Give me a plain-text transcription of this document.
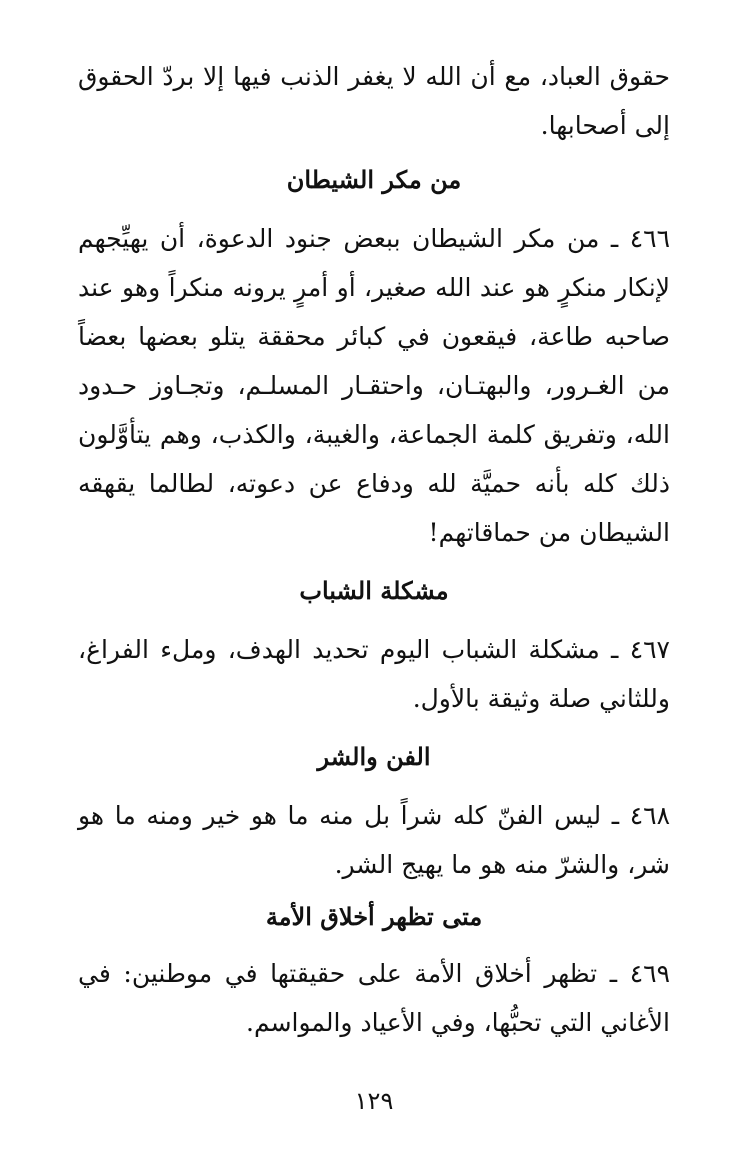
حقوق العباد، مع أن الله لا يغفر الذنب فيها إلا بردّ الحقوق إلى أصحابها.

من مكر الشيطان

٤٦٦ ـ من مكر الشيطان ببعض جنود الدعوة، أن يهيِّجهم لإنكار منكرٍ هو عند الله صغير، أو أمرٍ يرونه منكراً وهو عند صاحبه طاعة، فيقعون في كبائر محققة يتلو بعضها بعضاً من الغـرور، والبهتـان، واحتقـار المسلـم، وتجـاوز حـدود الله، وتفريق كلمة الجماعة، والغيبة، والكذب، وهم يتأوَّلون ذلك كله بأنه حميَّة لله ودفاع عن دعوته، لطالما يقهقه الشيطان من حماقاتهم!

مشكلة الشباب

٤٦٧ ـ مشكلة الشباب اليوم تحديد الهدف، وملء الفراغ، وللثاني صلة وثيقة بالأول.

الفن والشر

٤٦٨ ـ ليس الفنّ كله شراً بل منه ما هو خير ومنه ما هو شر، والشرّ منه هو ما يهيج الشر.

متى تظهر أخلاق الأمة

٤٦٩ ـ تظهر أخلاق الأمة على حقيقتها في موطنين: في الأغاني التي تحبُّها، وفي الأعياد والمواسم.

١٢٩
